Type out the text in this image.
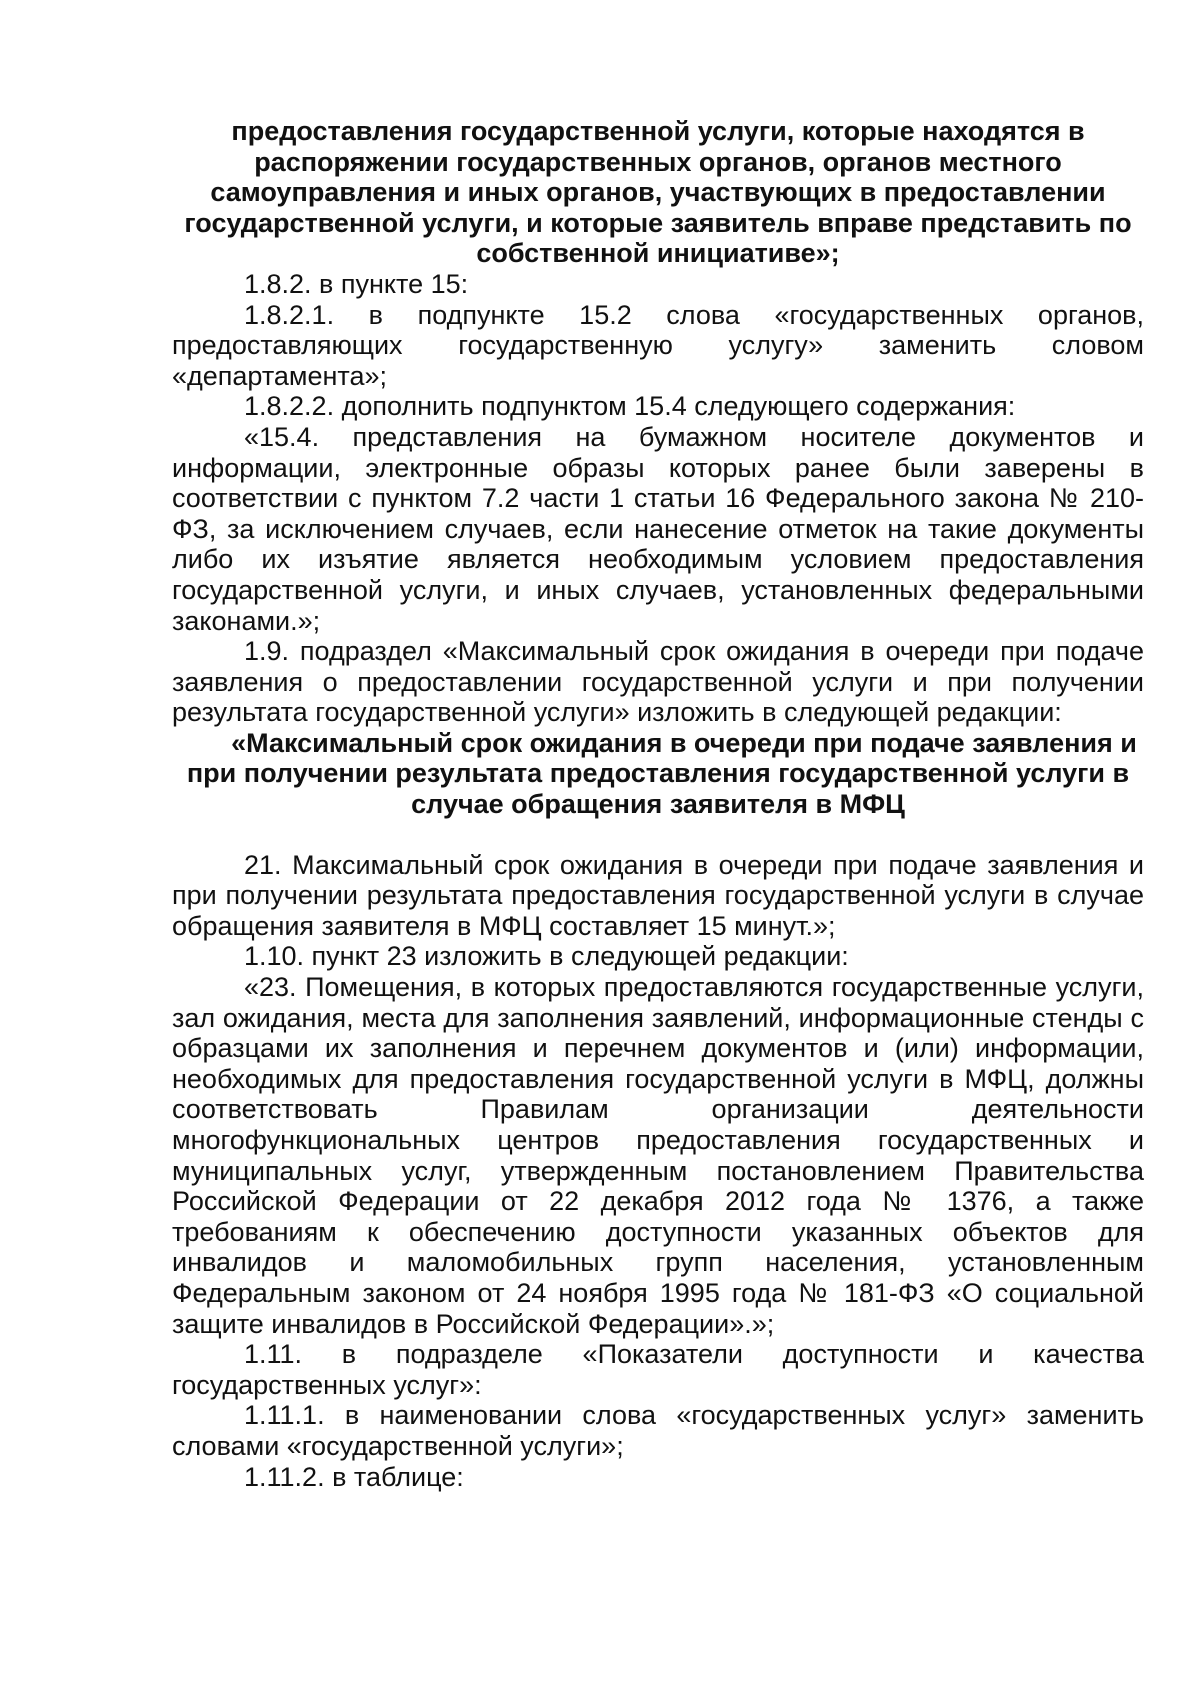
предоставления государственной услуги, которые находятся в распоряжении государственных органов, органов местного самоуправления и иных органов, участвующих в предоставлении государственной услуги, и которые заявитель вправе представить по собственной инициативе»;

1.8.2. в пункте 15:

1.8.2.1. в подпункте 15.2 слова «государственных органов, предоставляющих государственную услугу» заменить словом «департамента»;

1.8.2.2. дополнить подпунктом 15.4 следующего содержания:

«15.4. представления на бумажном носителе документов и информации, электронные образы которых ранее были заверены в соответствии с пунктом 7.2 части 1 статьи 16 Федерального закона № 210-ФЗ, за исключением случаев, если нанесение отметок на такие документы либо их изъятие является необходимым условием предоставления государственной услуги, и иных случаев, установленных федеральными законами.»;

1.9. подраздел «Максимальный срок ожидания в очереди при подаче заявления о предоставлении государственной услуги и при получении результата государственной услуги» изложить в следующей редакции:

«Максимальный срок ожидания в очереди при подаче заявления и при получении результата предоставления государственной услуги в случае обращения заявителя в МФЦ

21. Максимальный срок ожидания в очереди при подаче заявления и при получении результата предоставления государственной услуги в случае обращения заявителя в МФЦ составляет 15 минут.»;

1.10. пункт 23 изложить в следующей редакции:

«23. Помещения, в которых предоставляются государственные услуги, зал ожидания, места для заполнения заявлений, информационные стенды с образцами их заполнения и перечнем документов и (или) информации, необходимых для предоставления государственной услуги в МФЦ, должны соответствовать Правилам организации деятельности многофункциональных центров предоставления государственных и муниципальных услуг, утвержденным постановлением Правительства Российской Федерации от 22 декабря 2012 года № 1376, а также требованиям к обеспечению доступности указанных объектов для инвалидов и маломобильных групп населения, установленным Федеральным законом от 24 ноября 1995 года № 181-ФЗ «О социальной защите инвалидов в Российской Федерации».»;

1.11. в подразделе «Показатели доступности и качества государственных услуг»:

1.11.1. в наименовании слова «государственных услуг» заменить словами «государственной услуги»;

1.11.2. в таблице:
